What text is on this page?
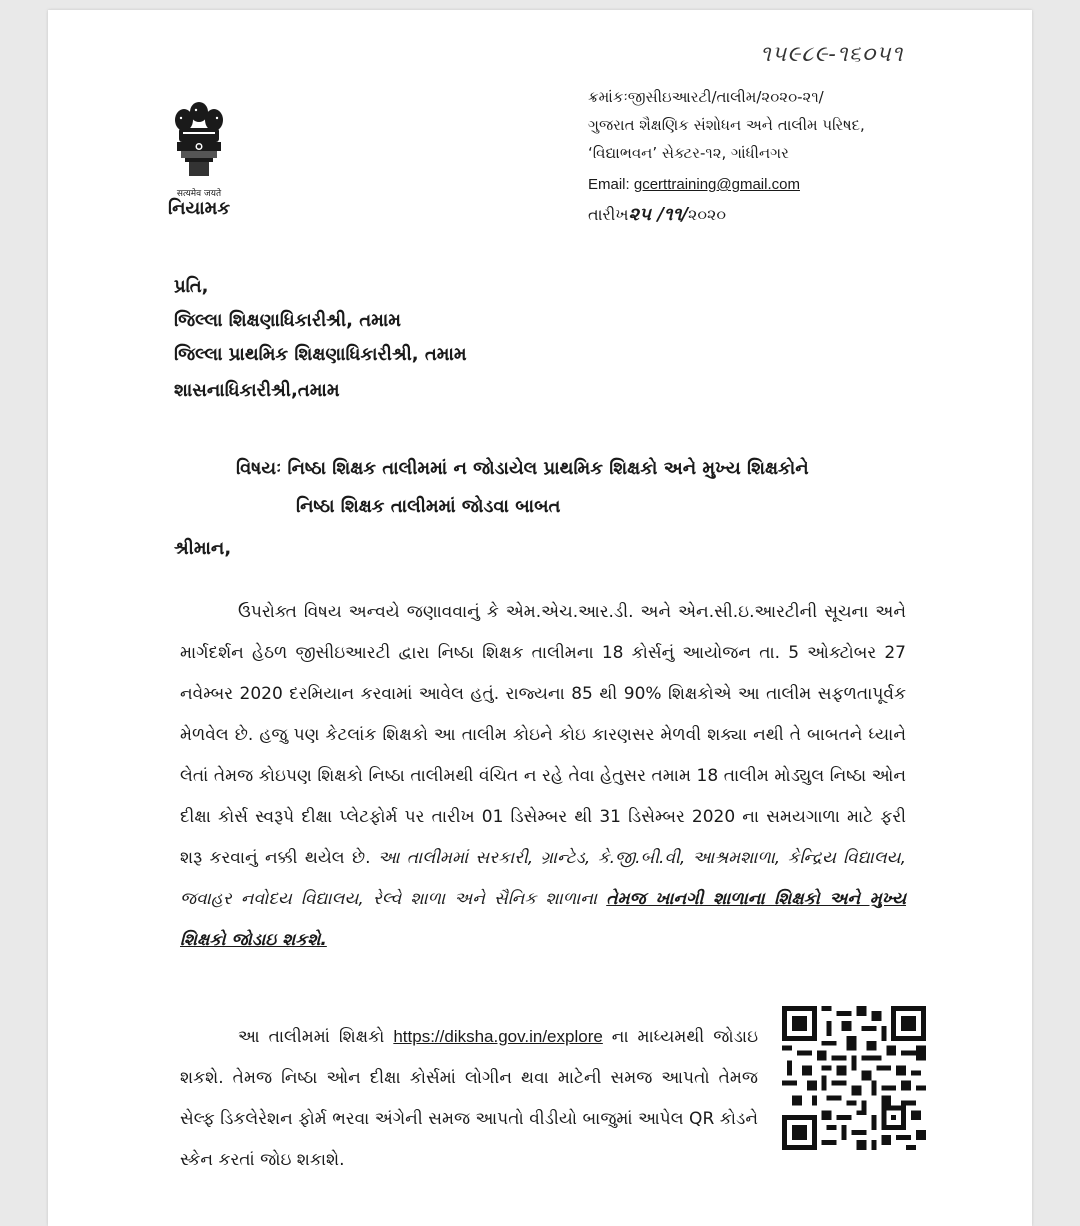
૧૫૯૮૯-૧૬૦૫૧
सत्यमेव जयते
નિયામક
ક્રમાંકઃજીસીઇઆરટી/તાલીમ/૨૦૨૦-૨૧/
ગુજરાત શૈક્ષણિક સંશોધન અને તાલીમ પરિષદ,
‘વિદ્યાભવન’ સેક્ટર-૧૨, ગાંધીનગર
Email: gcerttraining@gmail.com
તારીખ૨૫ /૧૧/૨૦૨૦
પ્રતિ,
જિલ્લા શિક્ષણાધિકારીશ્રી, તમામ
જિલ્લા પ્રાથમિક શિક્ષણાધિકારીશ્રી, તમામ
શાસનાધિકારીશ્રી,તમામ
વિષયઃ નિષ્ઠા શિક્ષક તાલીમમાં ન જોડાયેલ પ્રાથમિક શિક્ષકો અને મુખ્ય શિક્ષકોને
નિષ્ઠા શિક્ષક તાલીમમાં જોડવા બાબત
શ્રીમાન,
ઉપરોક્ત વિષય અન્વયે જણાવવાનું કે એમ.એચ.આર.ડી. અને એન.સી.ઇ.આરટીની સૂચના અને માર્ગદર્શન હેઠળ જીસીઇઆરટી દ્વારા નિષ્ઠા શિક્ષક તાલીમના 18 કોર્સનું આયોજન તા. 5 ઓક્ટોબર 27 નવેમ્બર 2020 દરમિયાન કરવામાં આવેલ હતું. રાજ્યના 85 થી 90% શિક્ષકોએ આ તાલીમ સફળતાપૂર્વક મેળવેલ છે. હજુ પણ કેટલાંક શિક્ષકો આ તાલીમ કોઇને કોઇ કારણસર મેળવી શક્યા નથી તે બાબતને ધ્યાને લેતાં તેમજ કોઇપણ શિક્ષકો નિષ્ઠા તાલીમથી વંચિત ન રહે તેવા હેતુસર તમામ 18 તાલીમ મોડ્યુલ નિષ્ઠા ઓન દીક્ષા કોર્સ સ્વરૂપે દીક્ષા પ્લેટફોર્મ પર તારીખ 01 ડિસેમ્બર થી 31 ડિસેમ્બર 2020 ના સમયગાળા માટે ફરી શરૂ કરવાનું નક્કી થયેલ છે. આ તાલીમમાં સરકારી, ગ્રાન્ટેડ, કે.જી.બી.વી, આશ્રમશાળા, કેન્દ્રિય વિદ્યાલય, જવાહર નવોદય વિદ્યાલય, રેલ્વે શાળા અને સૈનિક શાળાના તેમજ ખાનગી શાળાના શિક્ષકો અને મુખ્ય શિક્ષકો જોડાઇ શકશે.
આ તાલીમમાં શિક્ષકો https://diksha.gov.in/explore ના માધ્યમથી જોડાઇ શકશે. તેમજ નિષ્ઠા ઓન દીક્ષા કોર્સમાં લોગીન થવા માટેની સમજ આપતો તેમજ સેલ્ફ ડિકલેરેશન ફોર્મ ભરવા અંગેની સમજ આપતો વીડીયો બાજુમાં આપેલ QR કોડને સ્કેન કરતાં જોઇ શકાશે.
